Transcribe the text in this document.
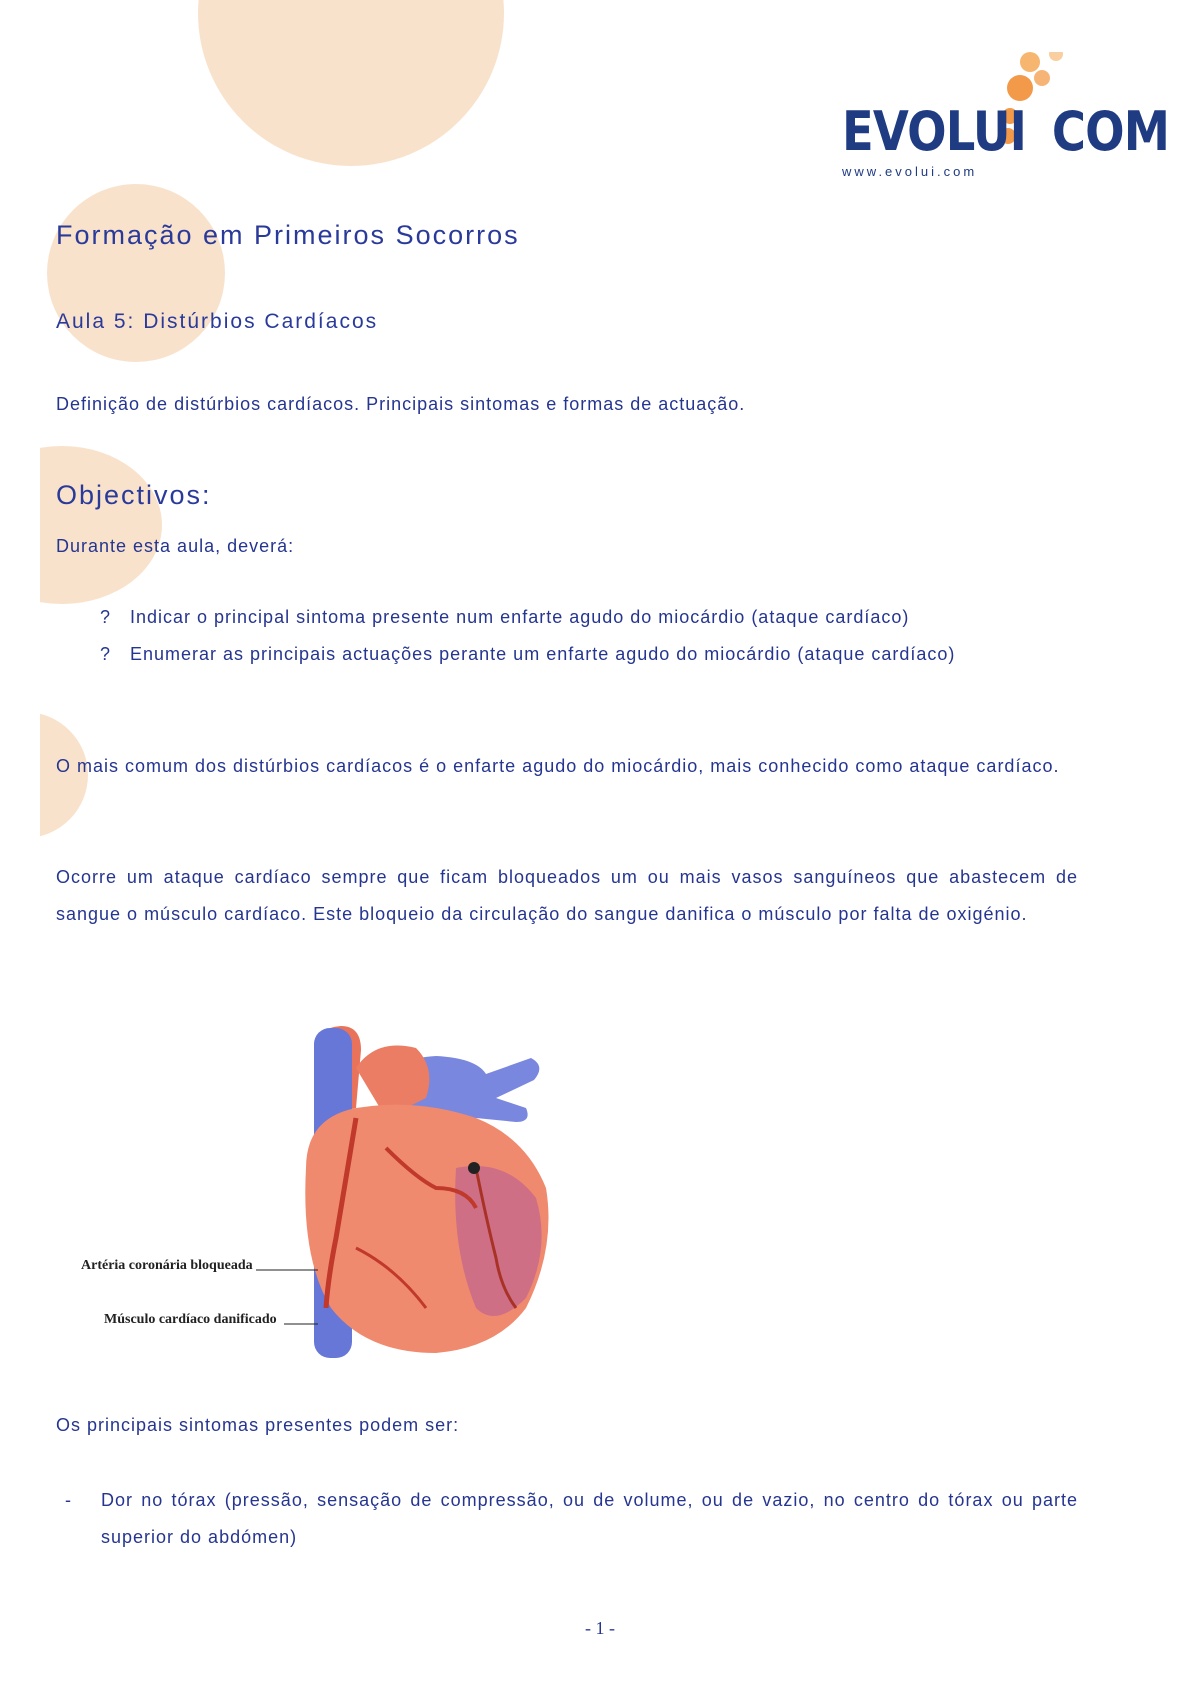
EVOLUI COM
www.evolui.com
Formação em Primeiros Socorros
Aula 5: Distúrbios Cardíacos

Definição de distúrbios cardíacos. Principais sintomas e formas de actuação.

Objectivos:

Durante esta aula, deverá:

? Indicar o principal sintoma presente num enfarte agudo do miocárdio (ataque cardíaco)
? Enumerar as principais actuações perante um enfarte agudo do miocárdio (ataque cardíaco)

O mais comum dos distúrbios cardíacos é o enfarte agudo do miocárdio, mais conhecido como ataque cardíaco.

Ocorre um ataque cardíaco sempre que ficam bloqueados um ou mais vasos sanguíneos que abastecem de sangue o músculo cardíaco. Este bloqueio da circulação do sangue danifica o músculo por falta de oxigénio.

Artéria coronária bloqueada
Músculo cardíaco danificado

Os principais sintomas presentes podem ser:

- Dor no tórax (pressão, sensação de compressão, ou de volume, ou de vazio, no centro do tórax ou parte superior do abdómen)
- 1 -
